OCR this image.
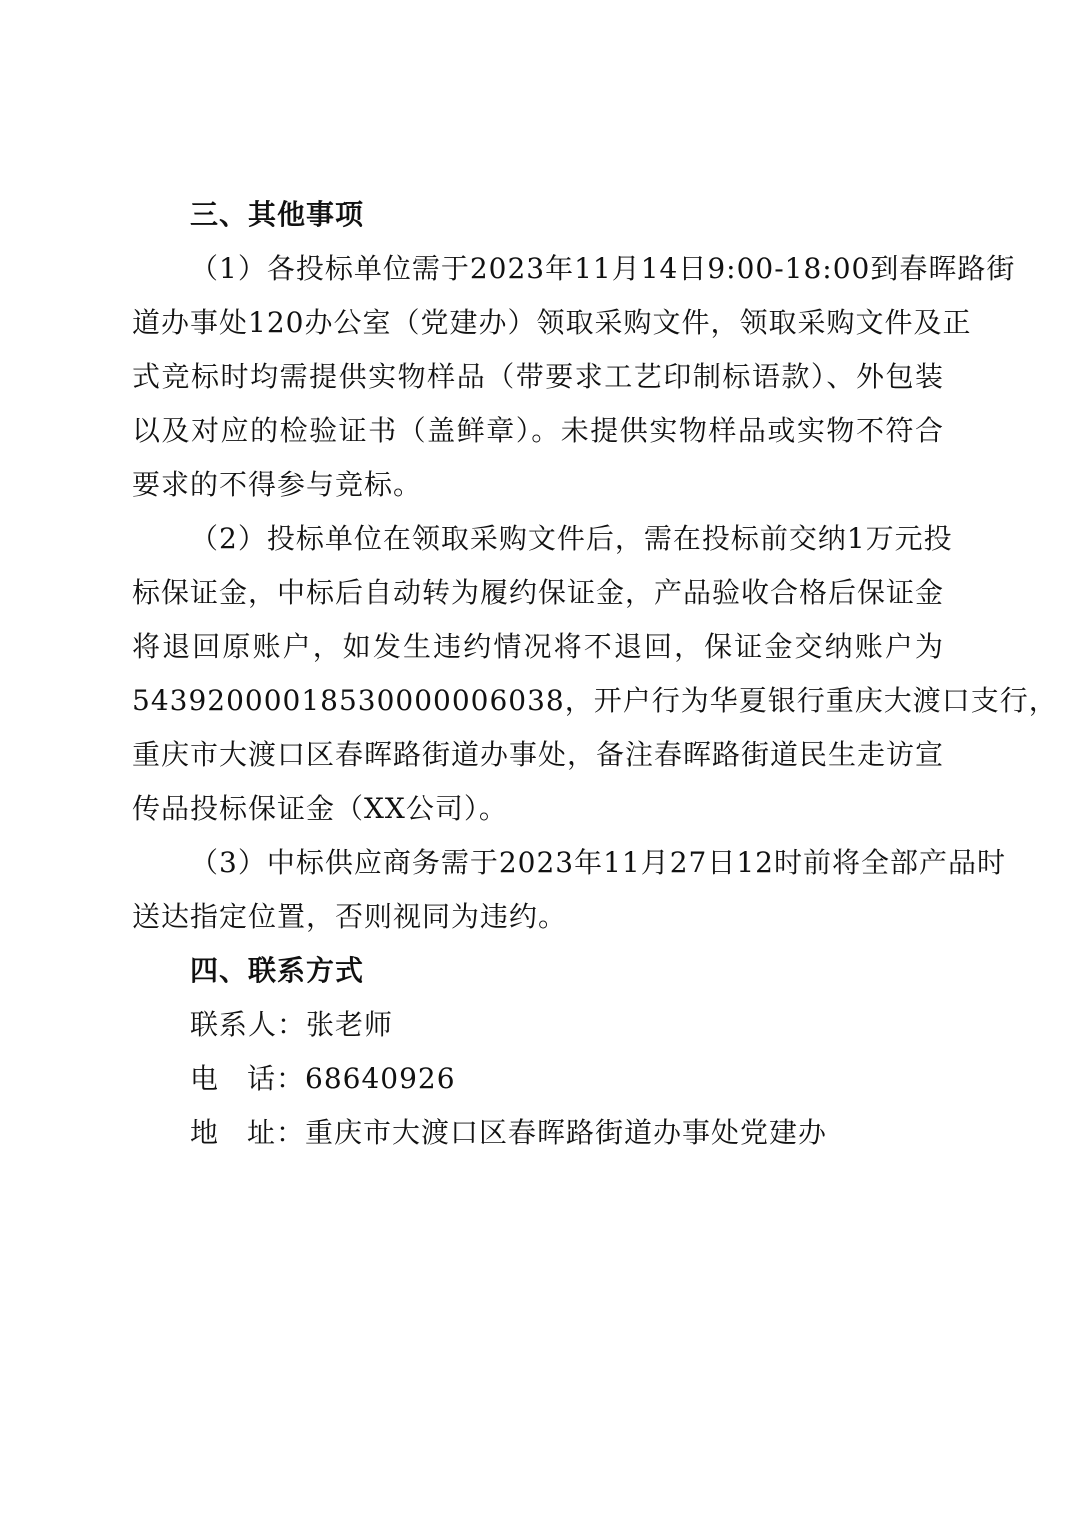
三、其他事项
（1）各投标单位需于2023年11月14日9:00-18:00到春晖路街
道办事处120办公室（党建办）领取采购文件，领取采购文件及正
式竞标时均需提供实物样品（带要求工艺印制标语款）、外包装
以及对应的检验证书（盖鲜章）。未提供实物样品或实物不符合
要求的不得参与竞标。
（2）投标单位在领取采购文件后，需在投标前交纳1万元投
标保证金，中标后自动转为履约保证金，产品验收合格后保证金
将退回原账户，如发生违约情况将不退回，保证金交纳账户为
54392000018530000006038，开户行为华夏银行重庆大渡口支行，
重庆市大渡口区春晖路街道办事处，备注春晖路街道民生走访宣
传品投标保证金（XX公司）。
（3）中标供应商务需于2023年11月27日12时前将全部产品时
送达指定位置，否则视同为违约。
四、联系方式
联系人：张老师
电 话：68640926
地 址：重庆市大渡口区春晖路街道办事处党建办
